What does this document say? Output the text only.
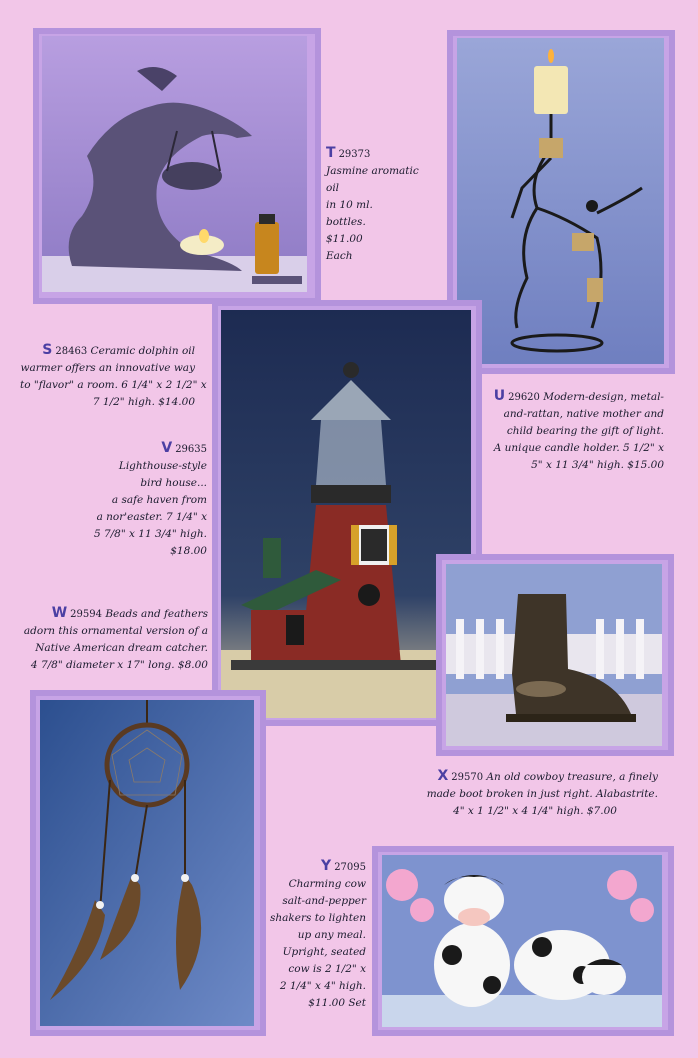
T 29373
Jasmine aromatic
oil
in 10 ml.
bottles.
$11.00
Each
S 28463 Ceramic dolphin oil
warmer offers an innovative way
to "flavor" a room. 6 1/4" x 2 1/2" x
7 1/2" high. $14.00	U 29620 Modern-design, metal-
and-rattan, native mother and
child bearing the gift of light.
A unique candle holder. 5 1/2" x
5" x 11 3/4" high. $15.00
V 29635
Lighthouse-style
bird house...
a safe haven from
a nor'easter. 7 1/4" x
5 7/8" x 11 3/4" high.
$18.00
W 29594 Beads and feathers
adorn this ornamental version of a
Native American dream catcher.
4 7/8" diameter x 17" long. $8.00
X 29570 An old cowboy treasure, a finely
made boot broken in just right. Alabastrite.
4" x 1 1/2" x 4 1/4" high. $7.00
Y 27095
Charming cow
salt-and-pepper
shakers to lighten
up any meal.
Upright, seated
cow is 2 1/2" x
2 1/4" x 4" high.
$11.00 Set
